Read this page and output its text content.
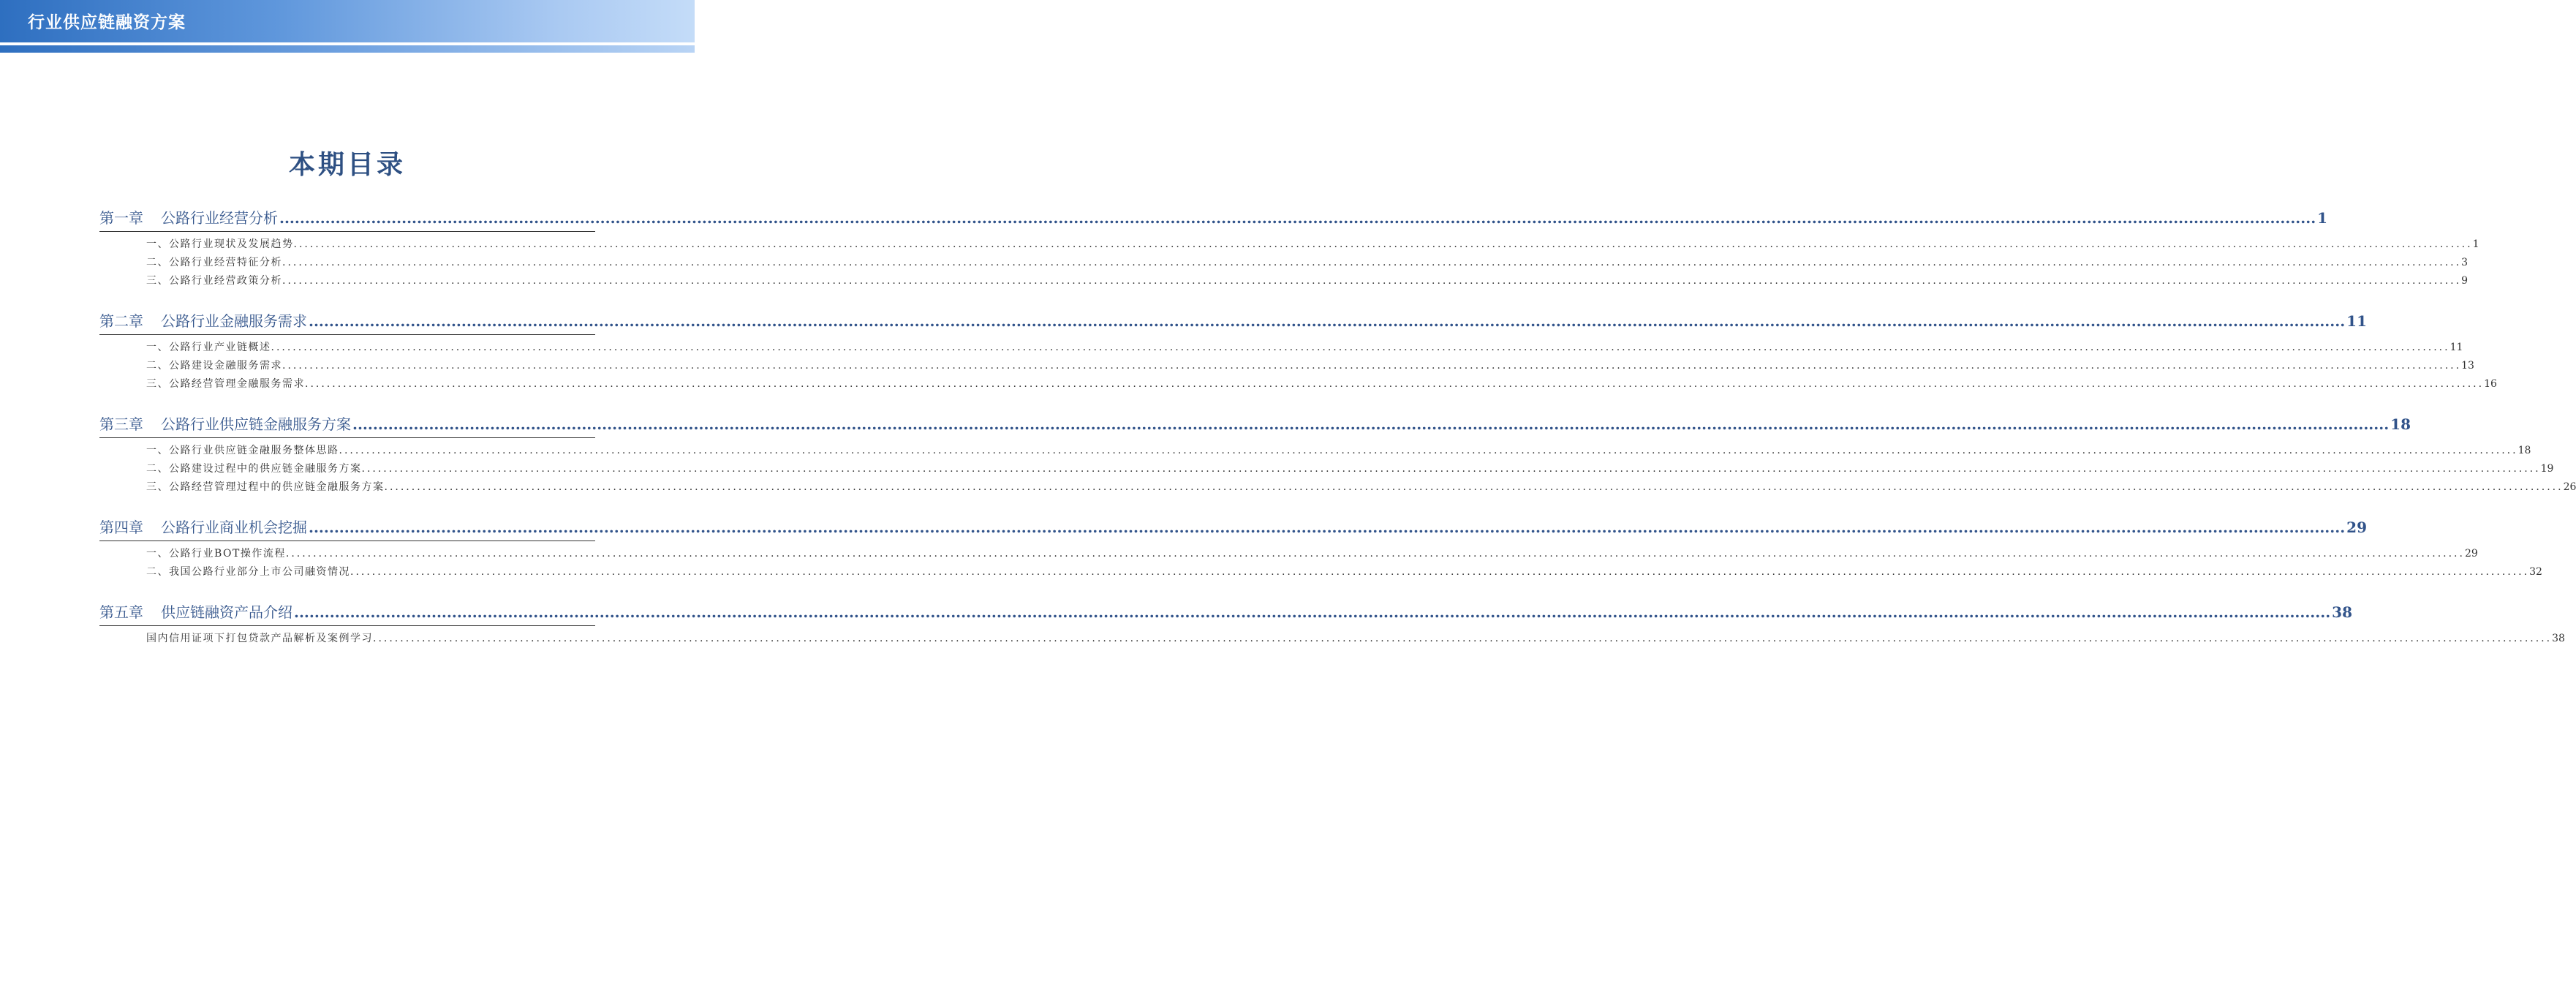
行业供应链融资方案
本期目录
第一章 公路行业经营分析 ................................................................................................................................................................................................................................................................................................................................................................................................................ 1
一、公路行业现状及发展趋势 ................................................................................................................................................................................................................................................................................................................................................................................................................ 1
二、公路行业经营特征分析 ................................................................................................................................................................................................................................................................................................................................................................................................................ 3
三、公路行业经营政策分析 ................................................................................................................................................................................................................................................................................................................................................................................................................ 9
第二章 公路行业金融服务需求 ................................................................................................................................................................................................................................................................................................................................................................................................................ 11
一、公路行业产业链概述 ................................................................................................................................................................................................................................................................................................................................................................................................................ 11
二、公路建设金融服务需求 ................................................................................................................................................................................................................................................................................................................................................................................................................ 13
三、公路经营管理金融服务需求 ................................................................................................................................................................................................................................................................................................................................................................................................................ 16
第三章 公路行业供应链金融服务方案 ................................................................................................................................................................................................................................................................................................................................................................................................................ 18
一、公路行业供应链金融服务整体思路 ................................................................................................................................................................................................................................................................................................................................................................................................................ 18
二、公路建设过程中的供应链金融服务方案 ................................................................................................................................................................................................................................................................................................................................................................................................................ 19
三、公路经营管理过程中的供应链金融服务方案 ................................................................................................................................................................................................................................................................................................................................................................................................................ 26
第四章 公路行业商业机会挖掘 ................................................................................................................................................................................................................................................................................................................................................................................................................ 29
一、公路行业BOT操作流程 ................................................................................................................................................................................................................................................................................................................................................................................................................ 29
二、我国公路行业部分上市公司融资情况 ................................................................................................................................................................................................................................................................................................................................................................................................................ 32
第五章 供应链融资产品介绍 ................................................................................................................................................................................................................................................................................................................................................................................................................ 38
国内信用证项下打包贷款产品解析及案例学习 ................................................................................................................................................................................................................................................................................................................................................................................................................ 38
